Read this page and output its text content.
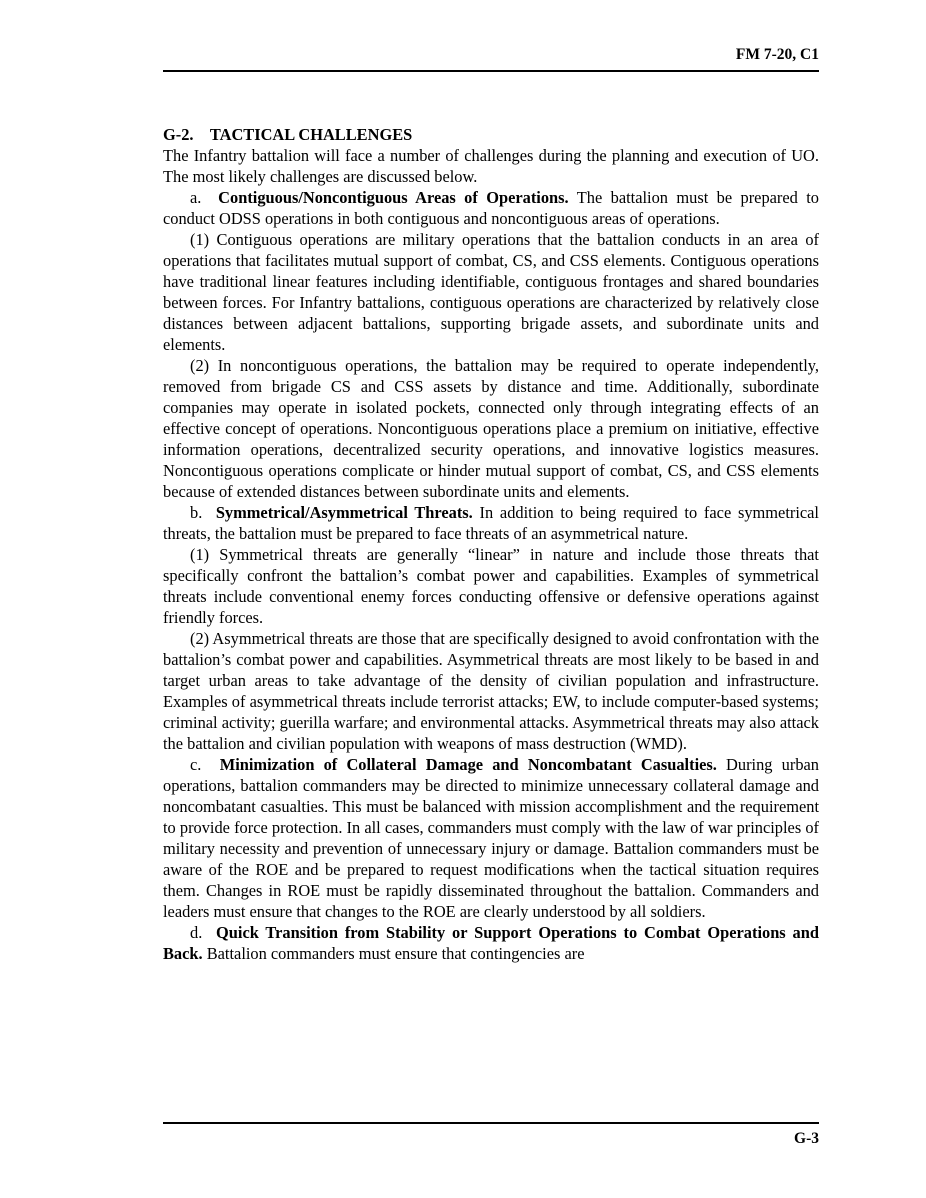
FM 7-20, C1

G-2.    TACTICAL CHALLENGES

The Infantry battalion will face a number of challenges during the planning and execution of UO. The most likely challenges are discussed below.

a.  Contiguous/Noncontiguous Areas of Operations. The battalion must be prepared to conduct ODSS operations in both contiguous and noncontiguous areas of operations.

(1) Contiguous operations are military operations that the battalion conducts in an area of operations that facilitates mutual support of combat, CS, and CSS elements. Contiguous operations have traditional linear features including identifiable, contiguous frontages and shared boundaries between forces. For Infantry battalions, contiguous operations are characterized by relatively close distances between adjacent battalions, supporting brigade assets, and subordinate units and elements.

(2) In noncontiguous operations, the battalion may be required to operate independently, removed from brigade CS and CSS assets by distance and time. Additionally, subordinate companies may operate in isolated pockets, connected only through integrating effects of an effective concept of operations. Noncontiguous operations place a premium on initiative, effective information operations, decentralized security operations, and innovative logistics measures. Noncontiguous operations complicate or hinder mutual support of combat, CS, and CSS elements because of extended distances between subordinate units and elements.

b.  Symmetrical/Asymmetrical Threats. In addition to being required to face symmetrical threats, the battalion must be prepared to face threats of an asymmetrical nature.

(1) Symmetrical threats are generally “linear” in nature and include those threats that specifically confront the battalion’s combat power and capabilities. Examples of symmetrical threats include conventional enemy forces conducting offensive or defensive operations against friendly forces.

(2) Asymmetrical threats are those that are specifically designed to avoid confrontation with the battalion’s combat power and capabilities. Asymmetrical threats are most likely to be based in and target urban areas to take advantage of the density of civilian population and infrastructure. Examples of asymmetrical threats include terrorist attacks; EW, to include computer-based systems; criminal activity; guerilla warfare; and environmental attacks. Asymmetrical threats may also attack the battalion and civilian population with weapons of mass destruction (WMD).

c.  Minimization of Collateral Damage and Noncombatant Casualties. During urban operations, battalion commanders may be directed to minimize unnecessary collateral damage and noncombatant casualties. This must be balanced with mission accomplishment and the requirement to provide force protection. In all cases, commanders must comply with the law of war principles of military necessity and prevention of unnecessary injury or damage. Battalion commanders must be aware of the ROE and be prepared to request modifications when the tactical situation requires them. Changes in ROE must be rapidly disseminated throughout the battalion. Commanders and leaders must ensure that changes to the ROE are clearly understood by all soldiers.

d.  Quick Transition from Stability or Support Operations to Combat Operations and Back. Battalion commanders must ensure that contingencies are

G-3
